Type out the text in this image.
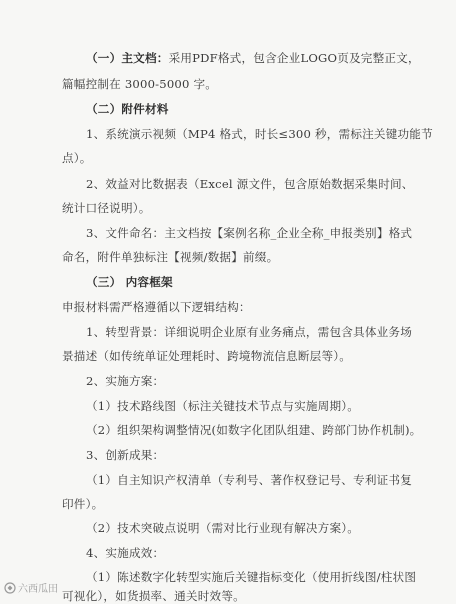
（一）主文档：采用PDF格式，包含企业LOGO页及完整正文，
篇幅控制在 3000-5000 字。
（二）附件材料
1、系统演示视频（MP4 格式，时长≤300 秒，需标注关键功能节
点）。
2、效益对比数据表（Excel 源文件，包含原始数据采集时间、
统计口径说明）。
3、文件命名：主文档按【案例名称_企业全称_申报类别】格式
命名，附件单独标注【视频/数据】前缀。
（三） 内容框架
申报材料需严格遵循以下逻辑结构：
1、转型背景：详细说明企业原有业务痛点，需包含具体业务场
景描述（如传统单证处理耗时、跨境物流信息断层等）。
2、实施方案：
（1）技术路线图（标注关键技术节点与实施周期）。
（2）组织架构调整情况(如数字化团队组建、跨部门协作机制)。
3、创新成果：
（1）自主知识产权清单（专利号、著作权登记号、专利证书复
印件）。
（2）技术突破点说明（需对比行业现有解决方案）。
4、实施成效：
（1）陈述数字化转型实施后关键指标变化（使用折线图/柱状图
可视化），如货损率、通关时效等。
六西瓜田
